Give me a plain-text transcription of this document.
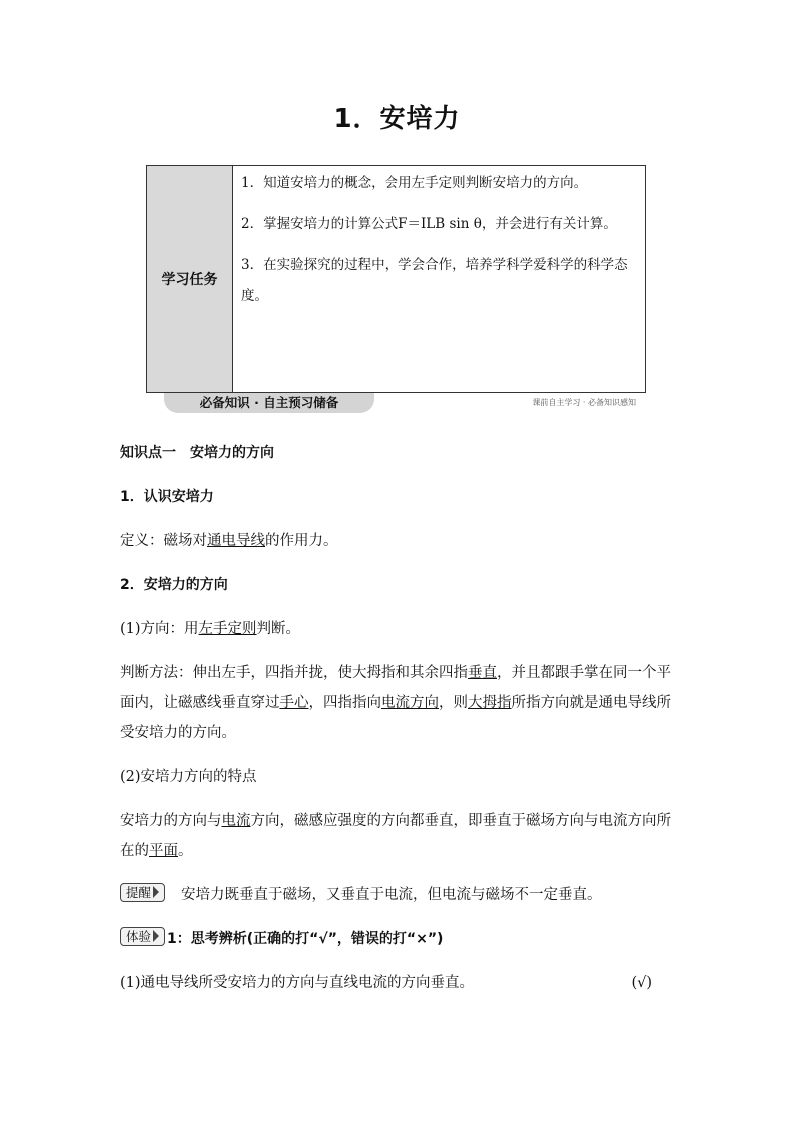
1．安培力
学习任务
1．知道安培力的概念，会用左手定则判断安培力的方向。
2．掌握安培力的计算公式F＝ILB sin θ，并会进行有关计算。
3．在实验探究的过程中，学会合作，培养学科学爱科学的科学态度。
必备知识 · 自主预习储备	课前自主学习 · 必备知识感知

知识点一　安培力的方向

1．认识安培力

定义：磁场对通电导线的作用力。

2．安培力的方向

(1)方向：用左手定则判断。

判断方法：伸出左手，四指并拢，使大拇指和其余四指垂直，并且都跟手掌在同一个平面内，让磁感线垂直穿过手心，四指指向电流方向，则大拇指所指方向就是通电导线所受安培力的方向。

(2)安培力方向的特点

安培力的方向与电流方向，磁感应强度的方向都垂直，即垂直于磁场方向与电流方向所在的平面。

提醒 安培力既垂直于磁场，又垂直于电流，但电流与磁场不一定垂直。

体验 1：思考辨析(正确的打“√”，错误的打“×”)

(1)通电导线所受安培力的方向与直线电流的方向垂直。	(√)
